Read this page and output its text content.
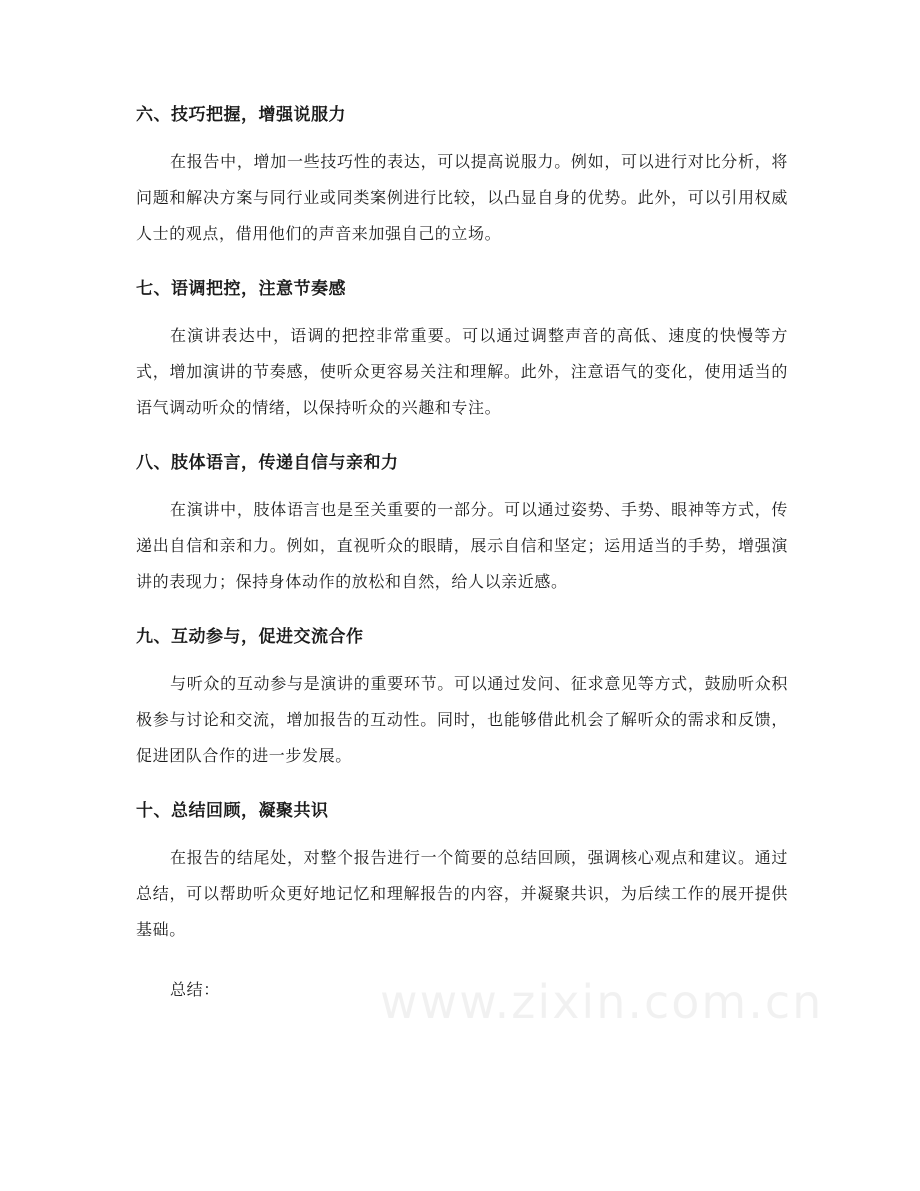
六、技巧把握，增强说服力

在报告中，增加一些技巧性的表达，可以提高说服力。例如，可以进行对比分析，将问题和解决方案与同行业或同类案例进行比较，以凸显自身的优势。此外，可以引用权威人士的观点，借用他们的声音来加强自己的立场。

七、语调把控，注意节奏感

在演讲表达中，语调的把控非常重要。可以通过调整声音的高低、速度的快慢等方式，增加演讲的节奏感，使听众更容易关注和理解。此外，注意语气的变化，使用适当的语气调动听众的情绪，以保持听众的兴趣和专注。

八、肢体语言，传递自信与亲和力

在演讲中，肢体语言也是至关重要的一部分。可以通过姿势、手势、眼神等方式，传递出自信和亲和力。例如，直视听众的眼睛，展示自信和坚定；运用适当的手势，增强演讲的表现力；保持身体动作的放松和自然，给人以亲近感。

九、互动参与，促进交流合作

与听众的互动参与是演讲的重要环节。可以通过发问、征求意见等方式，鼓励听众积极参与讨论和交流，增加报告的互动性。同时，也能够借此机会了解听众的需求和反馈，促进团队合作的进一步发展。

十、总结回顾，凝聚共识

在报告的结尾处，对整个报告进行一个简要的总结回顾，强调核心观点和建议。通过总结，可以帮助听众更好地记忆和理解报告的内容，并凝聚共识，为后续工作的展开提供基础。

总结：	www.zixin.com.cn
